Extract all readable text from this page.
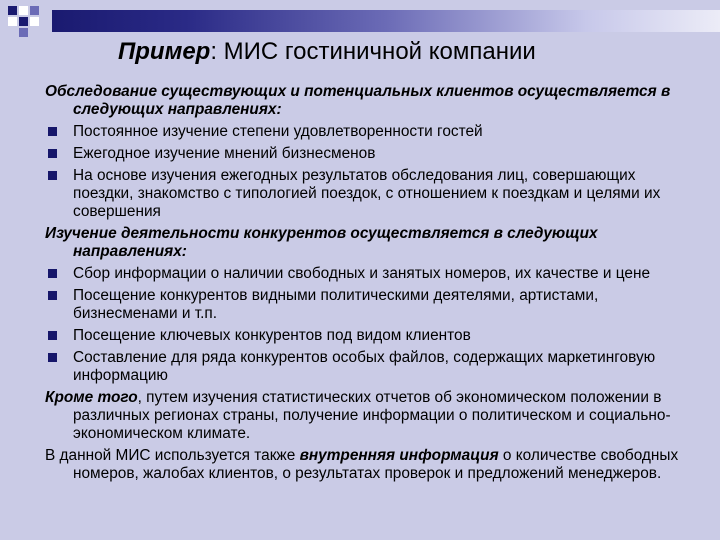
Пример: МИС гостиничной компании

Обследование существующих и потенциальных клиентов осуществляется в следующих направлениях:

Постоянное изучение степени удовлетворенности гостей
Ежегодное изучение мнений бизнесменов
На основе изучения ежегодных результатов обследования лиц, совершающих поездки, знакомство с типологией поездок, с отношением к поездкам и целями их совершения

Изучение деятельности конкурентов осуществляется в следующих направлениях:

Сбор информации о наличии свободных и занятых номеров, их качестве и цене
Посещение конкурентов видными политическими деятелями, артистами, бизнесменами и т.п.
Посещение ключевых конкурентов под видом клиентов
Составление для ряда конкурентов особых файлов, содержащих маркетинговую информацию

Кроме того, путем изучения статистических отчетов об экономическом положении в различных регионах страны, получение информации о политическом и социально-экономическом климате.

В данной МИС используется также внутренняя информация о количестве свободных номеров, жалобах клиентов, о результатах проверок и предложений менеджеров.
